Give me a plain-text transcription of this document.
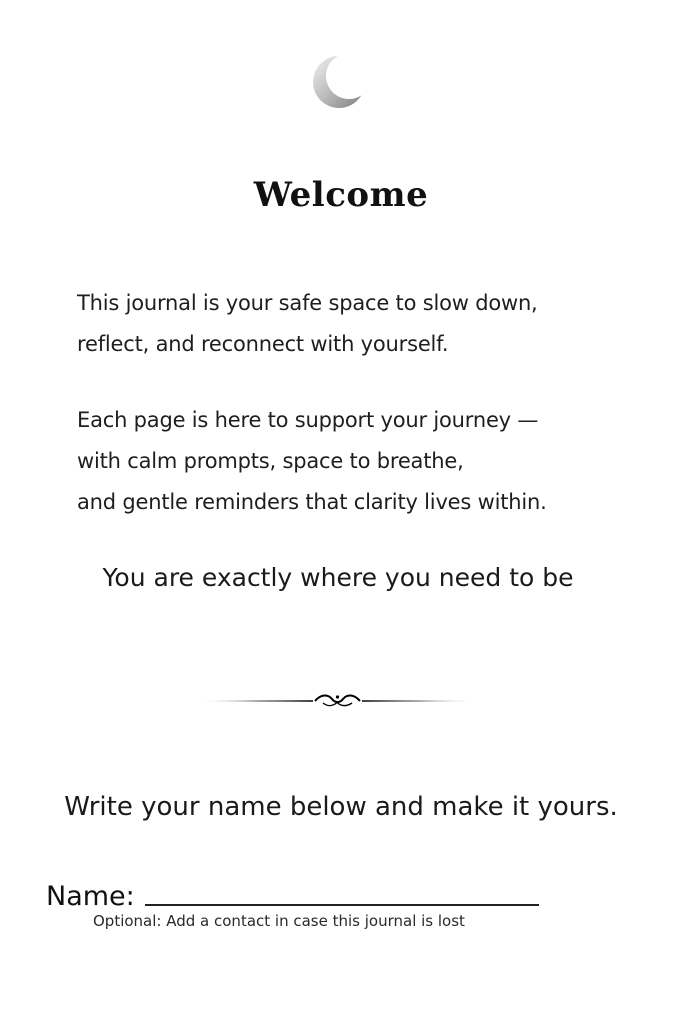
Welcome
This journal is your safe space to slow down,
reflect, and reconnect with yourself.
Each page is here to support your journey —
with calm prompts, space to breathe,
and gentle reminders that clarity lives within.
You are exactly where you need to be
Write your name below and make it yours.
Name:
Optional: Add a contact in case this journal is lost
